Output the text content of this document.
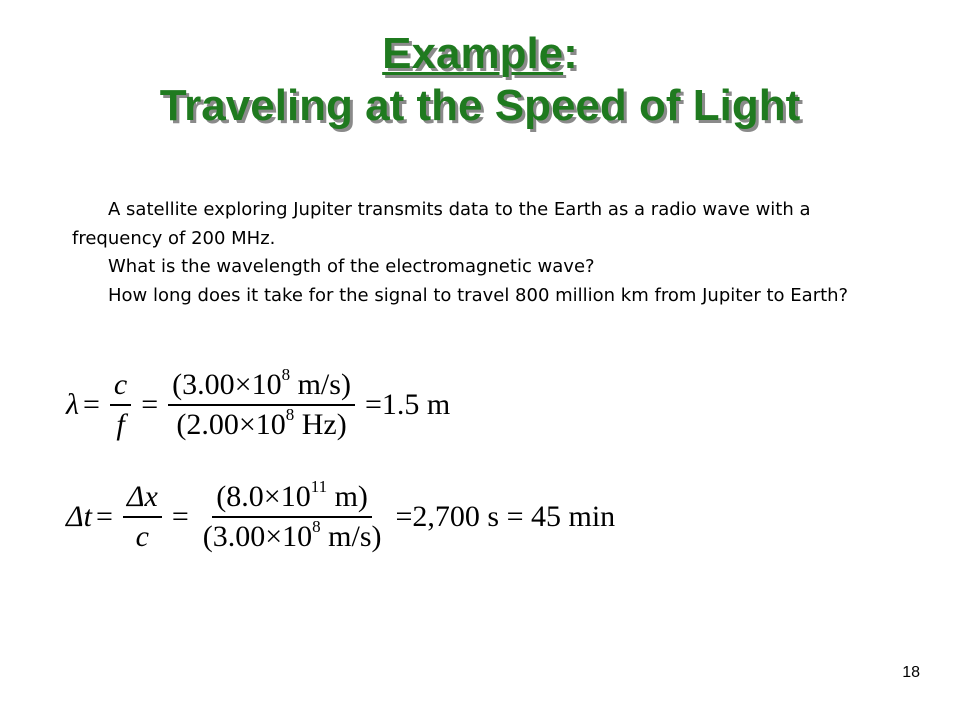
Example:
Traveling at the Speed of Light

A satellite exploring Jupiter transmits data to the Earth as a radio wave with a frequency of 200 MHz.

What is the wavelength of the electromagnetic wave?

How long does it take for the signal to travel 800 million km from Jupiter to Earth?

$\lambda = \frac{c}{f} = \frac{(3.00\times 10^8 m/s)}{(2.00\times 10^8 Hz)} =1.5$ m
$\Delta t = \frac{\Delta x}{c} = \frac{(8.0\times 10^{11} m)}{(3.00\times 10^8 m/s)} =2,700$ s = 45 min
18
